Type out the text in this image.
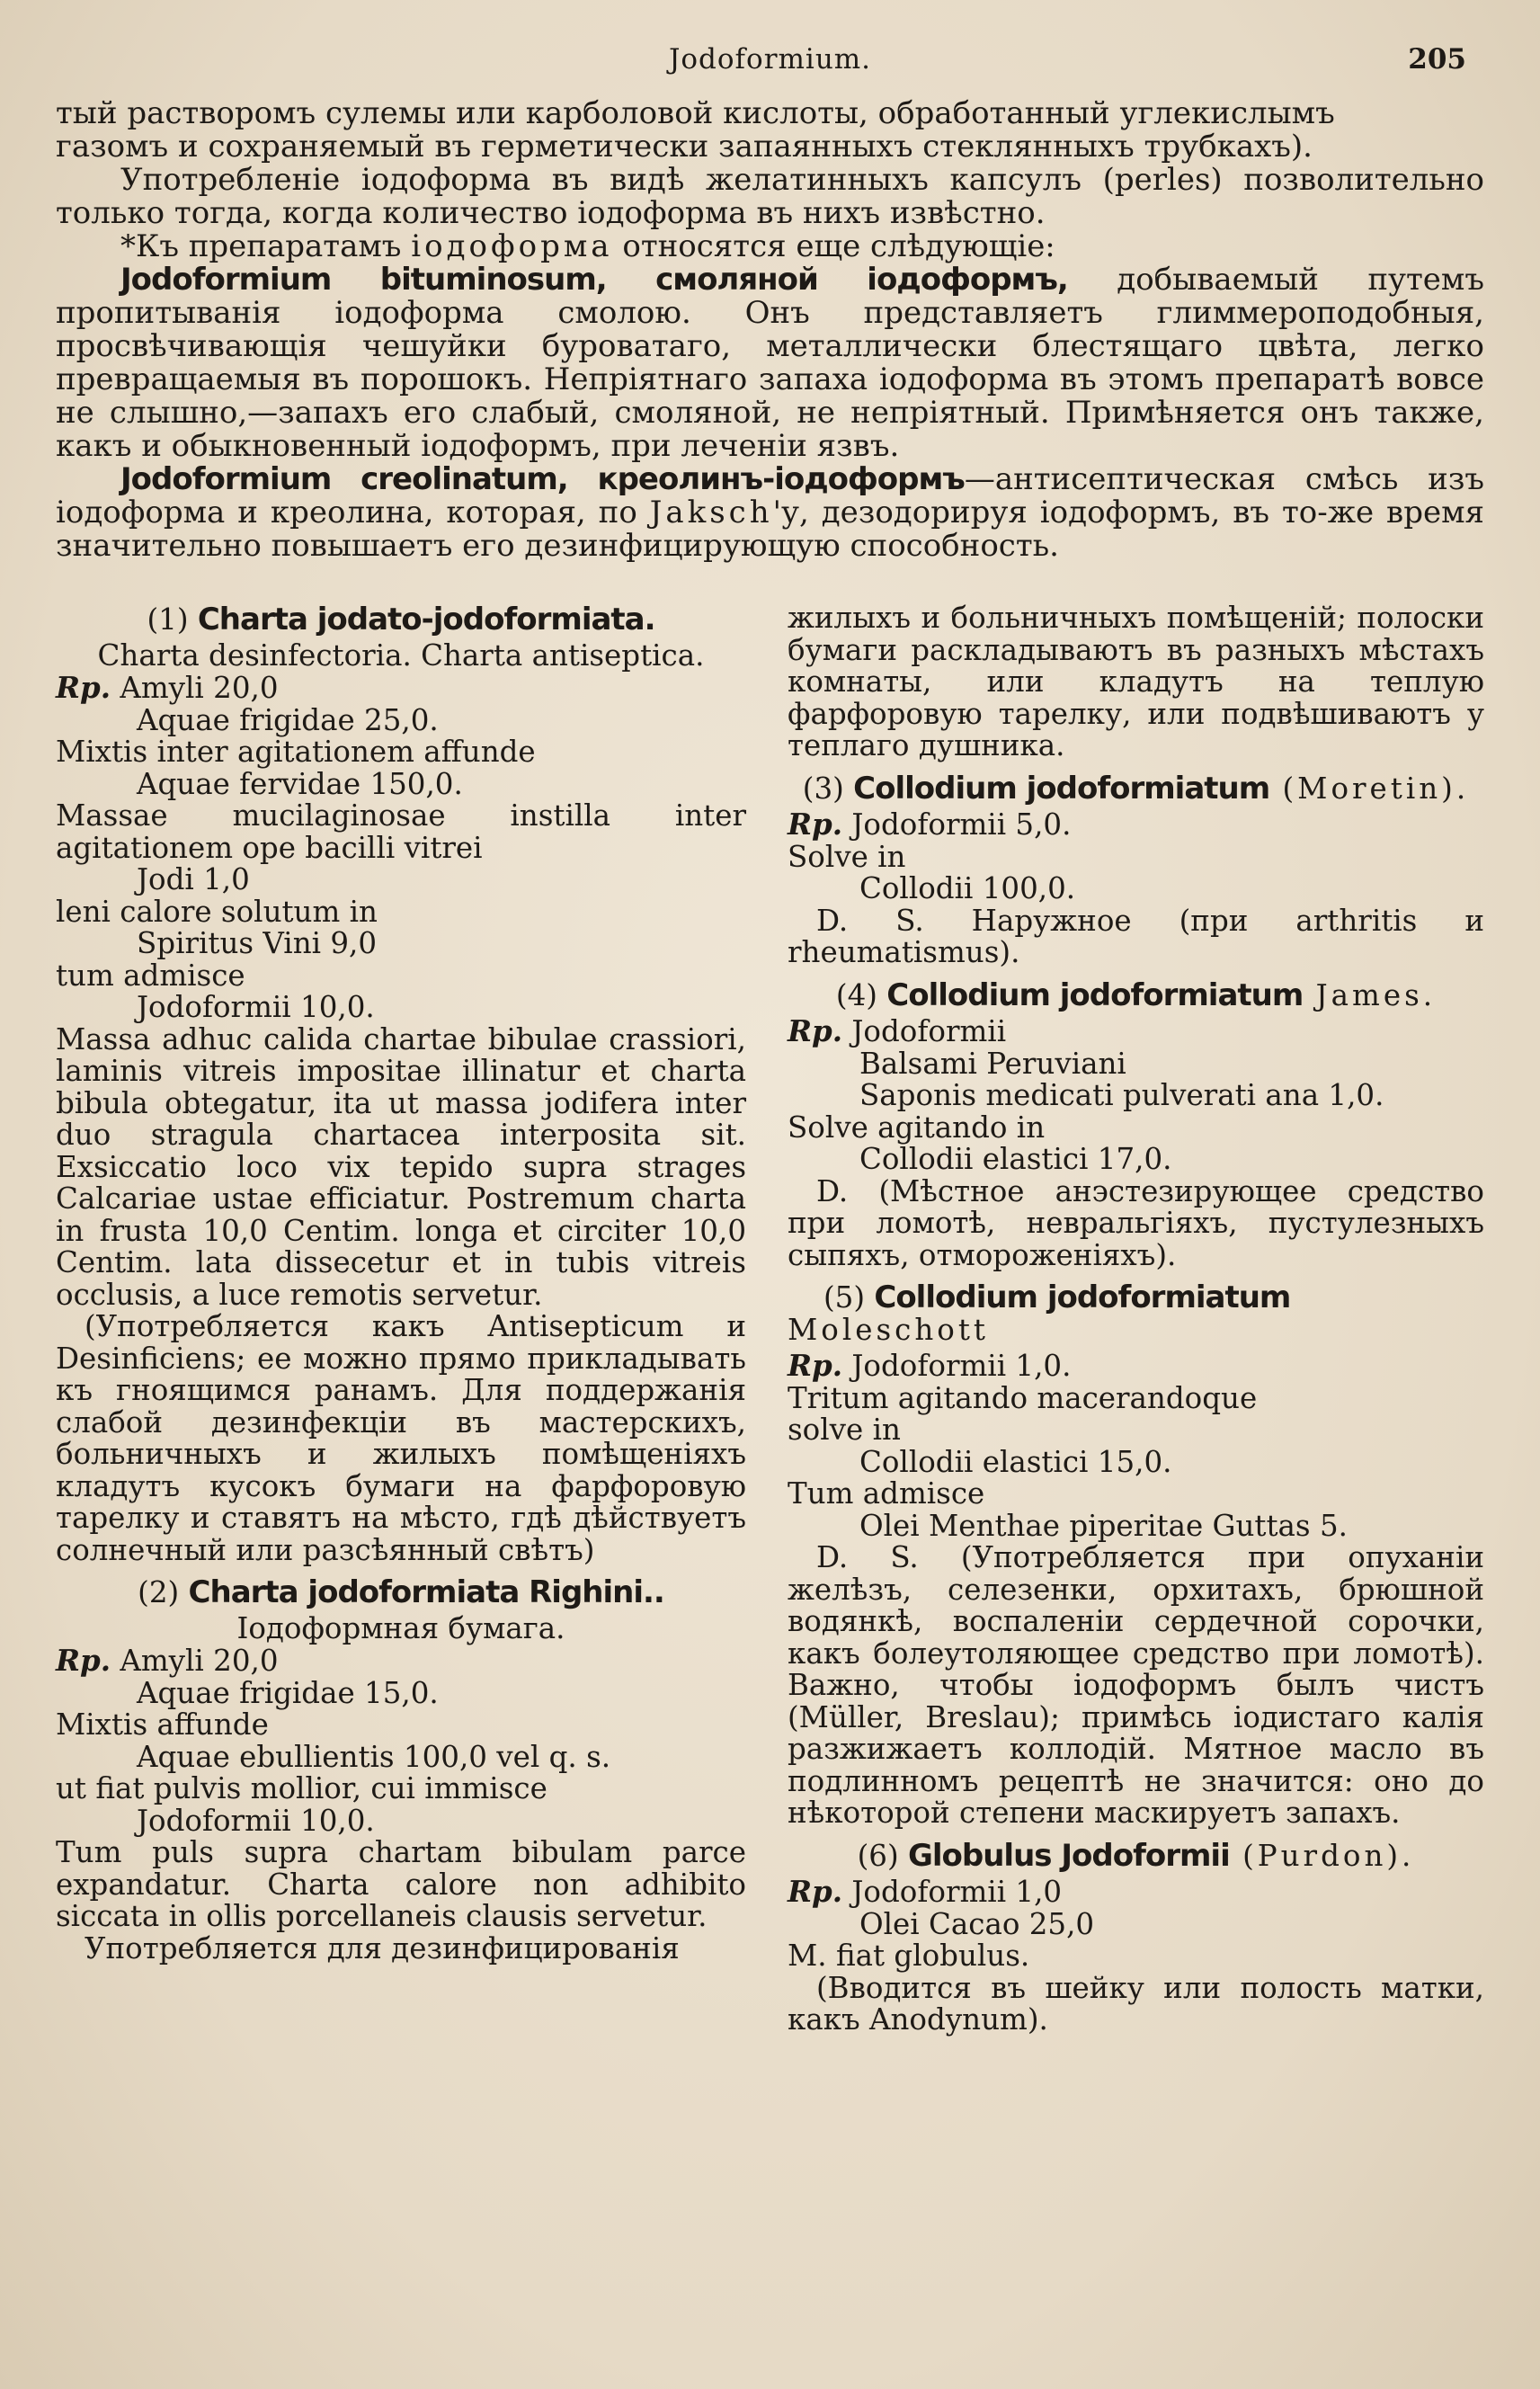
Jodoformium.	205

тый растворомъ сулемы или карболовой кислоты, обработанный углекислымъ

газомъ и сохраняемый въ герметически запаянныхъ стеклянныхъ трубкахъ).

Употребленіе іодоформа въ видѣ желатинныхъ капсулъ (perles) позволительно только тогда, когда количество іодоформа въ нихъ извѣстно.

*Къ препаратамъ іодоформа относятся еще слѣдующіе:

Jodoformium bituminosum, смоляной іодоформъ, добываемый путемъ пропитыванія іодоформа смолою. Онъ представляетъ глиммероподобныя, просвѣчивающія чешуйки буроватаго, металлически блестящаго цвѣта, легко превращаемыя въ порошокъ. Непріятнаго запаха іодоформа въ этомъ препаратѣ вовсе не слышно,—запахъ его слабый, смоляной, не непріятный. Примѣняется онъ также, какъ и обыкновенный іодоформъ, при леченіи язвъ.

Jodoformium creolinatum, креолинъ-іодоформъ—антисептическая смѣсь изъ іодоформа и креолина, которая, по Jaksch'у, дезодорируя іодоформъ, въ то-же время значительно повышаетъ его дезинфицирующую способность.

(1) Charta jodato-jodoformiata.

Charta desinfectoria. Charta antiseptica.

Rp. Amyli 20,0

Aquae frigidae 25,0.

Mixtis inter agitationem affunde

Aquae fervidae 150,0.

Massae mucilaginosae instilla inter agitationem ope bacilli vitrei

Jodi 1,0

leni calore solutum in

Spiritus Vini 9,0

tum admisce

Jodoformii 10,0.

Massa adhuc calida chartae bibulae crassiori, laminis vitreis impositae illinatur et charta bibula obtegatur, ita ut massa jodifera inter duo stragula chartacea interposita sit. Exsiccatio loco vix tepido supra strages Calcariae ustae efficiatur. Postremum charta in frusta 10,0 Centim. longa et circiter 10,0 Centim. lata dissecetur et in tubis vitreis occlusis, a luce remotis servetur.

(Употребляется какъ Antisepticum и Desinficiens; ее можно прямо прикладывать къ гноящимся ранамъ. Для поддержанія слабой дезинфекціи въ мастерскихъ, больничныхъ и жилыхъ помѣщеніяхъ кладутъ кусокъ бумаги на фарфоровую тарелку и ставятъ на мѣсто, гдѣ дѣйствуетъ солнечный или разсѣянный свѣтъ)

(2) Charta jodoformiata Righini..

Іодоформная бумага.

Rp. Amyli 20,0

Aquae frigidae 15,0.

Mixtis affunde

Aquae ebullientis 100,0 vel q. s.

ut fiat pulvis mollior, cui immisce

Jodoformii 10,0.

Tum puls supra chartam bibulam parce expandatur. Charta calore non adhibito siccata in ollis porcellaneis clausis servetur.

Употребляется для дезинфицированія

жилыхъ и больничныхъ помѣщеній; полоски бумаги раскладываютъ въ разныхъ мѣстахъ комнаты, или кладутъ на теплую фарфоровую тарелку, или подвѣшиваютъ у теплаго душника.

(3) Collodium jodoformiatum (Moretin).

Rp. Jodoformii 5,0.

Solve in

Collodii 100,0.

D. S. Наружное (при arthritis и rheumatismus).

(4) Collodium jodoformiatum James.

Rp. Jodoformii

Balsami Peruviani

Saponis medicati pulverati ana 1,0.

Solve agitando in

Collodii elastici 17,0.

D. (Мѣстное анэстезирующее средство при ломотѣ, невральгіяхъ, пустулезныхъ сыпяхъ, отмороженіяхъ).

(5) Collodium jodoformiatum Moleschott

Rp. Jodoformii 1,0.

Tritum agitando macerandoque

solve in

Collodii elastici 15,0.

Tum admisce

Olei Menthae piperitae Guttas 5.

D. S. (Употребляется при опуханіи желѣзъ, селезенки, орхитахъ, брюшной водянкѣ, воспаленіи сердечной сорочки, какъ болеутоляющее средство при ломотѣ). Важно, чтобы іодоформъ былъ чистъ (Müller, Breslau); примѣсь іодистаго калія разжижаетъ коллодій. Мятное масло въ подлинномъ рецептѣ не значится: оно до нѣкоторой степени маскируетъ запахъ.

(6) Globulus Jodoformii (Purdon).

Rp. Jodoformii 1,0

Olei Cacao 25,0

M. fiat globulus.

(Вводится въ шейку или полость матки, какъ Anodynum).
